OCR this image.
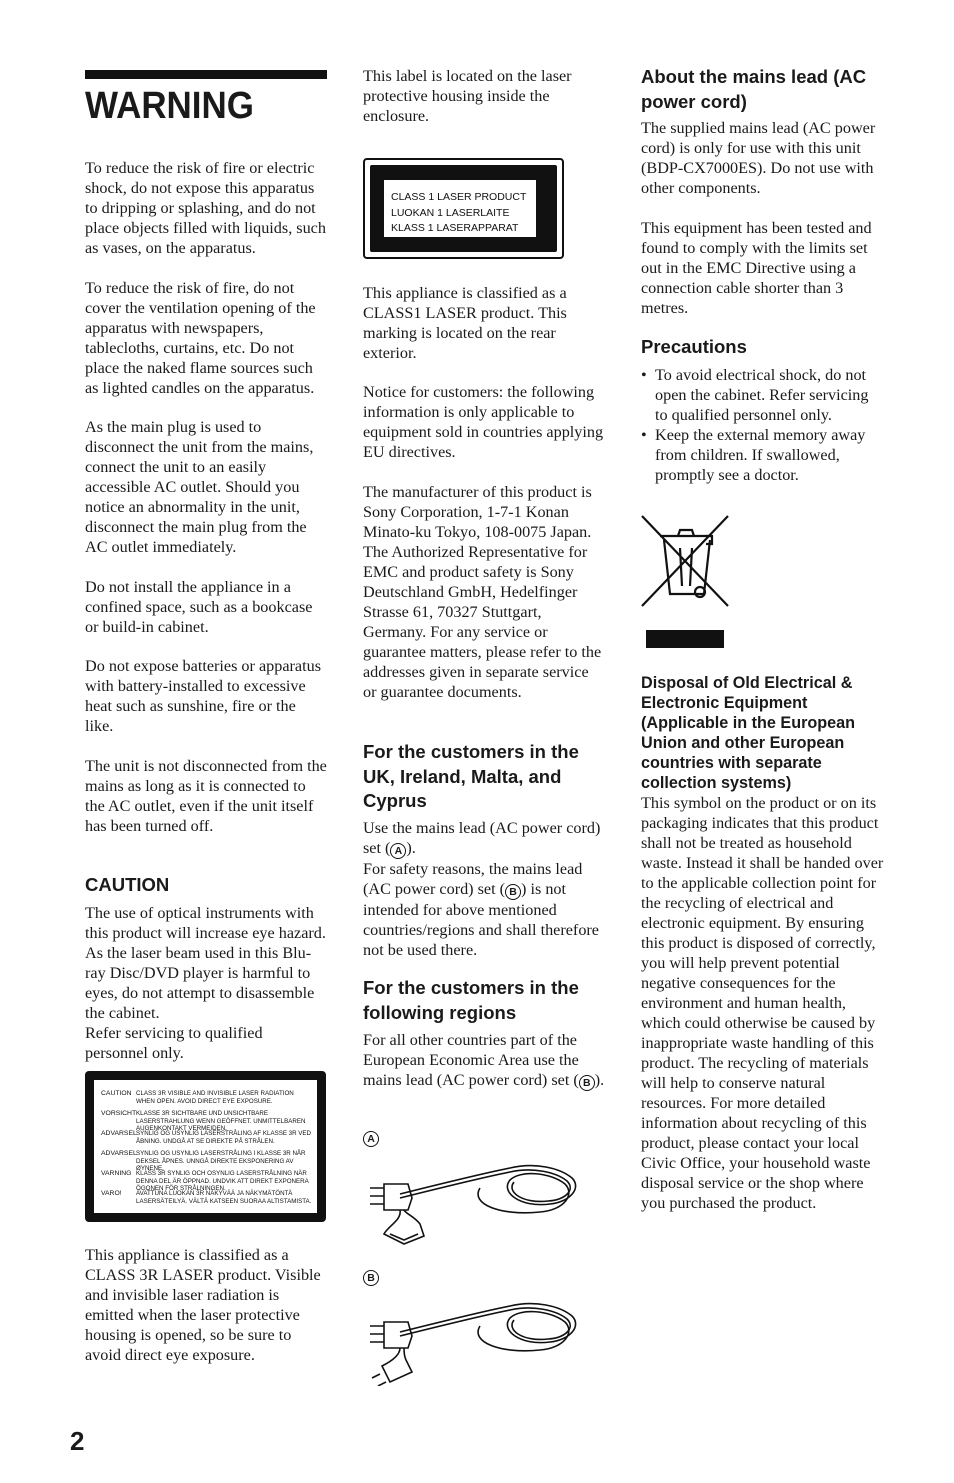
WARNING

To reduce the risk of fire or electric shock, do not expose this apparatus to dripping or splashing, and do not place objects filled with liquids, such as vases, on the apparatus.

To reduce the risk of fire, do not cover the ventilation opening of the apparatus with newspapers, tablecloths, curtains, etc. Do not place the naked flame sources such as lighted candles on the apparatus.

As the main plug is used to disconnect the unit from the mains, connect the unit to an easily accessible AC outlet. Should you notice an abnormality in the unit, disconnect the main plug from the AC outlet immediately.

Do not install the appliance in a confined space, such as a bookcase or build-in cabinet.

Do not expose batteries or apparatus with battery-installed to excessive heat such as sunshine, fire or the like.

The unit is not disconnected from the mains as long as it is connected to the AC outlet, even if the unit itself has been turned off.

CAUTION

The use of optical instruments with this product will increase eye hazard. As the laser beam used in this Blu-ray Disc/DVD player is harmful to eyes, do not attempt to disassemble the cabinet.
Refer servicing to qualified personnel only.

CAUTION CLASS 3R VISIBLE AND INVISIBLE LASER RADIATION WHEN OPEN. AVOID DIRECT EYE EXPOSURE.
VORSICHT KLASSE 3R SICHTBARE UND UNSICHTBARE LASERSTRAHLUNG WENN GEÖFFNET. UNMITTELBAREN AUGENKONTAKT VERMEIDEN.
ADVARSEL SYNLIG OG USYNLIG LASERSTRÅLING AF KLASSE 3R VED ÅBNING. UNDGÅ AT SE DIREKTE PÅ STRÅLEN.
ADVARSEL SYNLIG OG USYNLIG LASERSTRÅLING I KLASSE 3R NÅR DEKSEL ÅPNES. UNNGÅ DIREKTE EKSPONERING AV ØYNENE.
VARNING KLASS 3R SYNLIG OCH OSYNLIG LASERSTRÅLNING NÄR DENNA DEL ÄR ÖPPNAD. UNDVIK ATT DIREKT EXPONERA ÖGONEN FÖR STRÅLNINGEN.
VARO!	AVATTUNA LUOKAN 3R NÄKYVÄÄ JA NÄKYMÄTÖNTÄ LASERSÄTEILYÄ. VÄLTÄ KATSEEN SUORAA ALTISTAMISTA.

This appliance is classified as a CLASS 3R LASER product. Visible and invisible laser radiation is emitted when the laser protective housing is opened, so be sure to avoid direct eye exposure.

This label is located on the laser protective housing inside the enclosure.

CLASS 1 LASER PRODUCT
LUOKAN 1 LASERLAITE
KLASS 1 LASERAPPARAT

This appliance is classified as a CLASS1 LASER product. This marking is located on the rear exterior.

Notice for customers: the following information is only applicable to equipment sold in countries applying EU directives.

The manufacturer of this product is Sony Corporation, 1-7-1 Konan Minato-ku Tokyo, 108-0075 Japan. The Authorized Representative for EMC and product safety is Sony Deutschland GmbH, Hedelfinger Strasse 61, 70327 Stuttgart, Germany. For any service or guarantee matters, please refer to the addresses given in separate service or guarantee documents.

For the customers in the UK, Ireland, Malta, and Cyprus

Use the mains lead (AC power cord) set ( A ).
For safety reasons, the mains lead (AC power cord) set ( B ) is not intended for above mentioned countries/regions and shall therefore not be used there.

For the customers in the following regions

For all other countries part of the European Economic Area use the mains lead (AC power cord) set ( B ).

A
B
About the mains lead (AC power cord)

The supplied mains lead (AC power cord) is only for use with this unit (BDP-CX7000ES). Do not use with other components.

This equipment has been tested and found to comply with the limits set out in the EMC Directive using a connection cable shorter than 3 metres.

Precautions
• To avoid electrical shock, do not open the cabinet. Refer servicing to qualified personnel only.
• Keep the external memory away from children. If swallowed, promptly see a doctor.
Disposal of Old Electrical & Electronic Equipment (Applicable in the European Union and other European countries with separate collection systems)

This symbol on the product or on its packaging indicates that this product shall not be treated as household waste. Instead it shall be handed over to the applicable collection point for the recycling of electrical and electronic equipment. By ensuring this product is disposed of correctly, you will help prevent potential negative consequences for the environment and human health, which could otherwise be caused by inappropriate waste handling of this product. The recycling of materials will help to conserve natural resources. For more detailed information about recycling of this product, please contact your local Civic Office, your household waste disposal service or the shop where you purchased the product.

2
